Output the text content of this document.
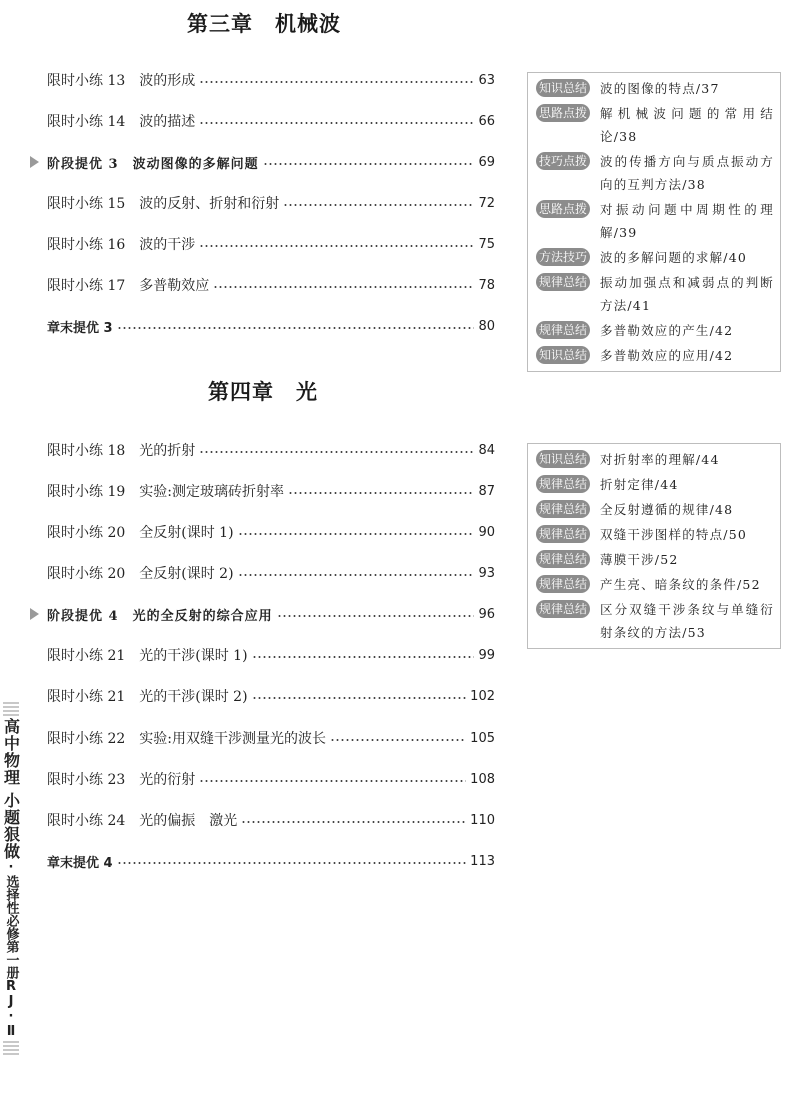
第三章　机械波
限时小练 13　波的形成	63
限时小练 14　波的描述	66
阶段提优 3　波动图像的多解问题	69
限时小练 15　波的反射、折射和衍射	72
限时小练 16　波的干涉	75
限时小练 17　多普勒效应	78
章末提优 3	80
知识总结 波的图像的特点/37
思路点拨 解机械波问题的常用结论/38
技巧点拨 波的传播方向与质点振动方向的互判方法/38
思路点拨 对振动问题中周期性的理解/39
方法技巧 波的多解问题的求解/40
规律总结 振动加强点和减弱点的判断方法/41
规律总结 多普勒效应的产生/42
知识总结 多普勒效应的应用/42
第四章　光
限时小练 18　光的折射	84
限时小练 19　实验:测定玻璃砖折射率	87
限时小练 20　全反射(课时 1)	90
限时小练 20　全反射(课时 2)	93
阶段提优 4　光的全反射的综合应用	96
限时小练 21　光的干涉(课时 1)	99
限时小练 21　光的干涉(课时 2)	102
限时小练 22　实验:用双缝干涉测量光的波长	105
限时小练 23　光的衍射	108
限时小练 24　光的偏振　激光	110
章末提优 4	113
知识总结 对折射率的理解/44
规律总结 折射定律/44
规律总结 全反射遵循的规律/48
规律总结 双缝干涉图样的特点/50
规律总结 薄膜干涉/52
规律总结 产生亮、暗条纹的条件/52
规律总结 区分双缝干涉条纹与单缝衍射条纹的方法/53
高中物理
小题狠做
·选择性必修第一册
RJ·Ⅱ
